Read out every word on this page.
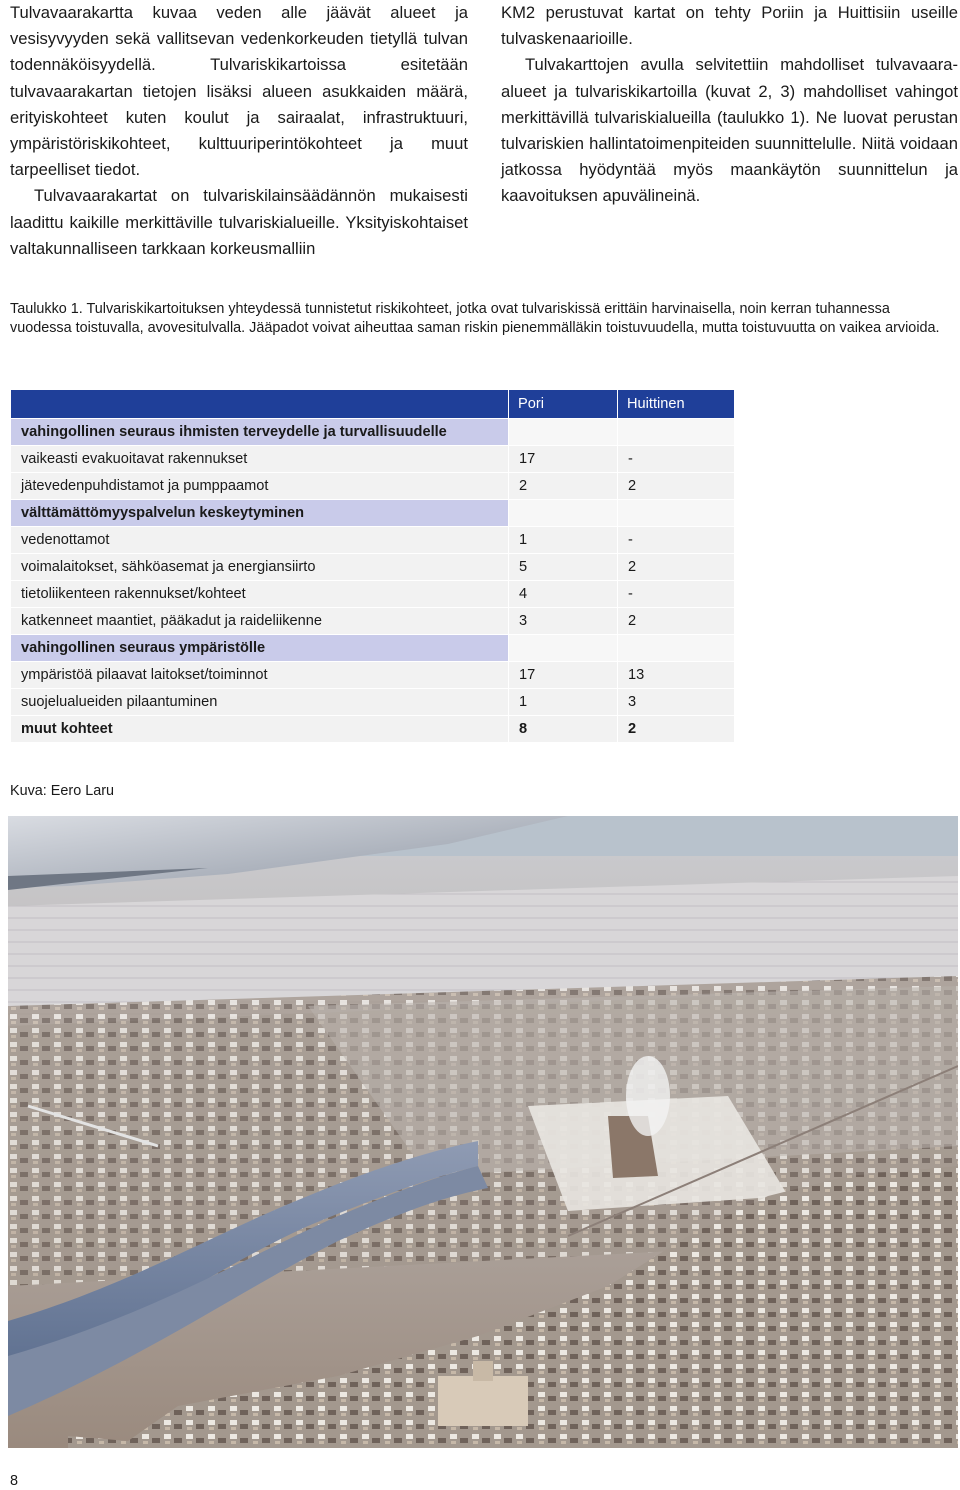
Tulvavaarakartta kuvaa veden alle jäävät alueet ja vesisyvyyden sekä vallitsevan vedenkorkeuden tietyllä tulvan todennäköisyydellä. Tulvariskikartoissa esitetään tulvavaarakartan tietojen lisäksi alueen asukkaiden määrä, erityiskohteet kuten koulut ja sairaalat, infrastruktuuri, ympäristöriskikohteet, kulttuuriperintökohteet ja muut tarpeelliset tiedot.

Tulvavaarakartat on tulvariskilainsäädännön mukaisesti laadittu kaikille merkittäville tulvariskialueille. Yksityiskohtaiset valtakunnalliseen tarkkaan korkeusmalliin

KM2 perustuvat kartat on tehty Poriin ja Huittisiin useille tulvaskenaarioille.

Tulvakarttojen avulla selvitettiin mahdolliset tulvavaara-alueet ja tulvariskikartoilla (kuvat 2, 3) mahdolliset vahingot merkittävillä tulvariskialueilla (taulukko 1). Ne luovat perustan tulvariskien hallintatoimenpiteiden suunnittelulle. Niitä voidaan jatkossa hyödyntää myös maankäytön suunnittelun ja kaavoituksen apuvälineinä.

Taulukko 1. Tulvariskikartoituksen yhteydessä tunnistetut riskikohteet, jotka ovat tulvariskissä erittäin harvinaisella, noin kerran tuhannessa vuodessa toistuvalla, avovesitulvalla. Jääpadot voivat aiheuttaa saman riskin pienemmälläkin toistuvuudella, mutta toistuvuutta on vaikea arvioida.

	Pori	Huittinen
vahingollinen seuraus ihmisten terveydelle ja turvallisuudelle		
vaikeasti evakuoitavat rakennukset	17	-
jätevedenpuhdistamot ja pumppaamot	2	2
välttämättömyyspalvelun keskeytyminen		
vedenottamot	1	-
voimalaitokset, sähköasemat ja energiansiirto	5	2
tietoliikenteen rakennukset/kohteet	4	-
katkenneet maantiet, pääkadut ja raideliikenne	3	2
vahingollinen seuraus ympäristölle		
ympäristöä pilaavat laitokset/toiminnot	17	13
suojelualueiden pilaantuminen	1	3
muut kohteet	8	2

Kuva: Eero Laru

8
